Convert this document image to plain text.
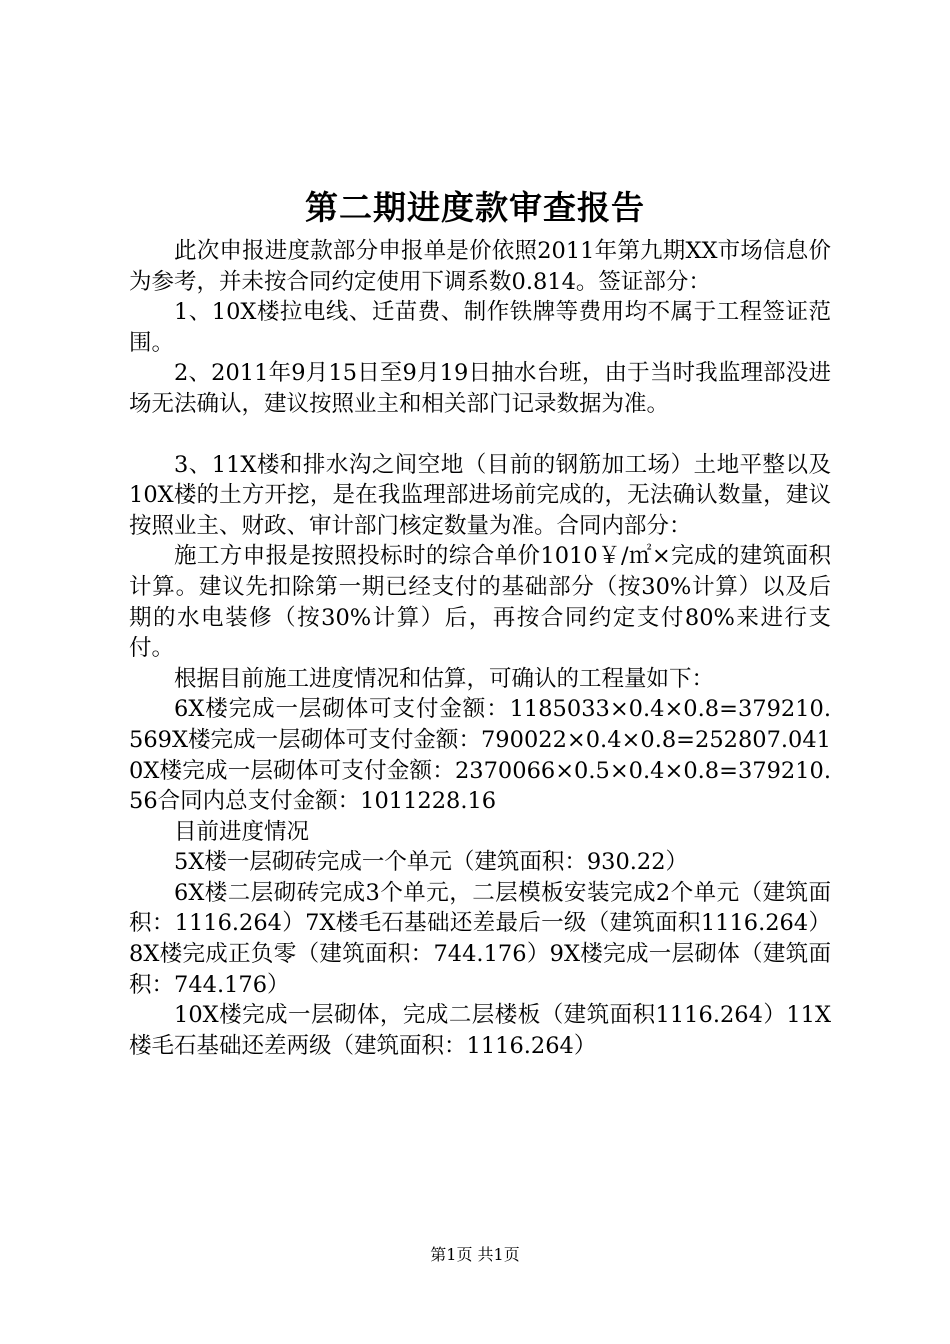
第二期进度款审查报告

此次申报进度款部分申报单是价依照2011年第九期XX市场信息价为参考，并未按合同约定使用下调系数0.814。签证部分：

1、10X楼拉电线、迁苗费、制作铁牌等费用均不属于工程签证范围。

2、2011年9月15日至9月19日抽水台班，由于当时我监理部没进场无法确认，建议按照业主和相关部门记录数据为准。

3、11X楼和排水沟之间空地（目前的钢筋加工场）土地平整以及10X楼的土方开挖，是在我监理部进场前完成的，无法确认数量，建议按照业主、财政、审计部门核定数量为准。合同内部分：

施工方申报是按照投标时的综合单价1010￥/㎡×完成的建筑面积计算。建议先扣除第一期已经支付的基础部分（按30%计算）以及后期的水电装修（按30%计算）后，再按合同约定支付80%来进行支付。

根据目前施工进度情况和估算，可确认的工程量如下：

6X楼完成一层砌体可支付金额：1185033×0.4×0.8=379210.569X楼完成一层砌体可支付金额：790022×0.4×0.8=252807.0410X楼完成一层砌体可支付金额：2370066×0.5×0.4×0.8=379210.56合同内总支付金额：1011228.16

目前进度情况

5X楼一层砌砖完成一个单元（建筑面积：930.22）

6X楼二层砌砖完成3个单元，二层模板安装完成2个单元（建筑面积：1116.264）7X楼毛石基础还差最后一级（建筑面积1116.264）8X楼完成正负零（建筑面积：744.176）9X楼完成一层砌体（建筑面积：744.176）

10X楼完成一层砌体，完成二层楼板（建筑面积1116.264）11X楼毛石基础还差两级（建筑面积：1116.264）

第1页 共1页
